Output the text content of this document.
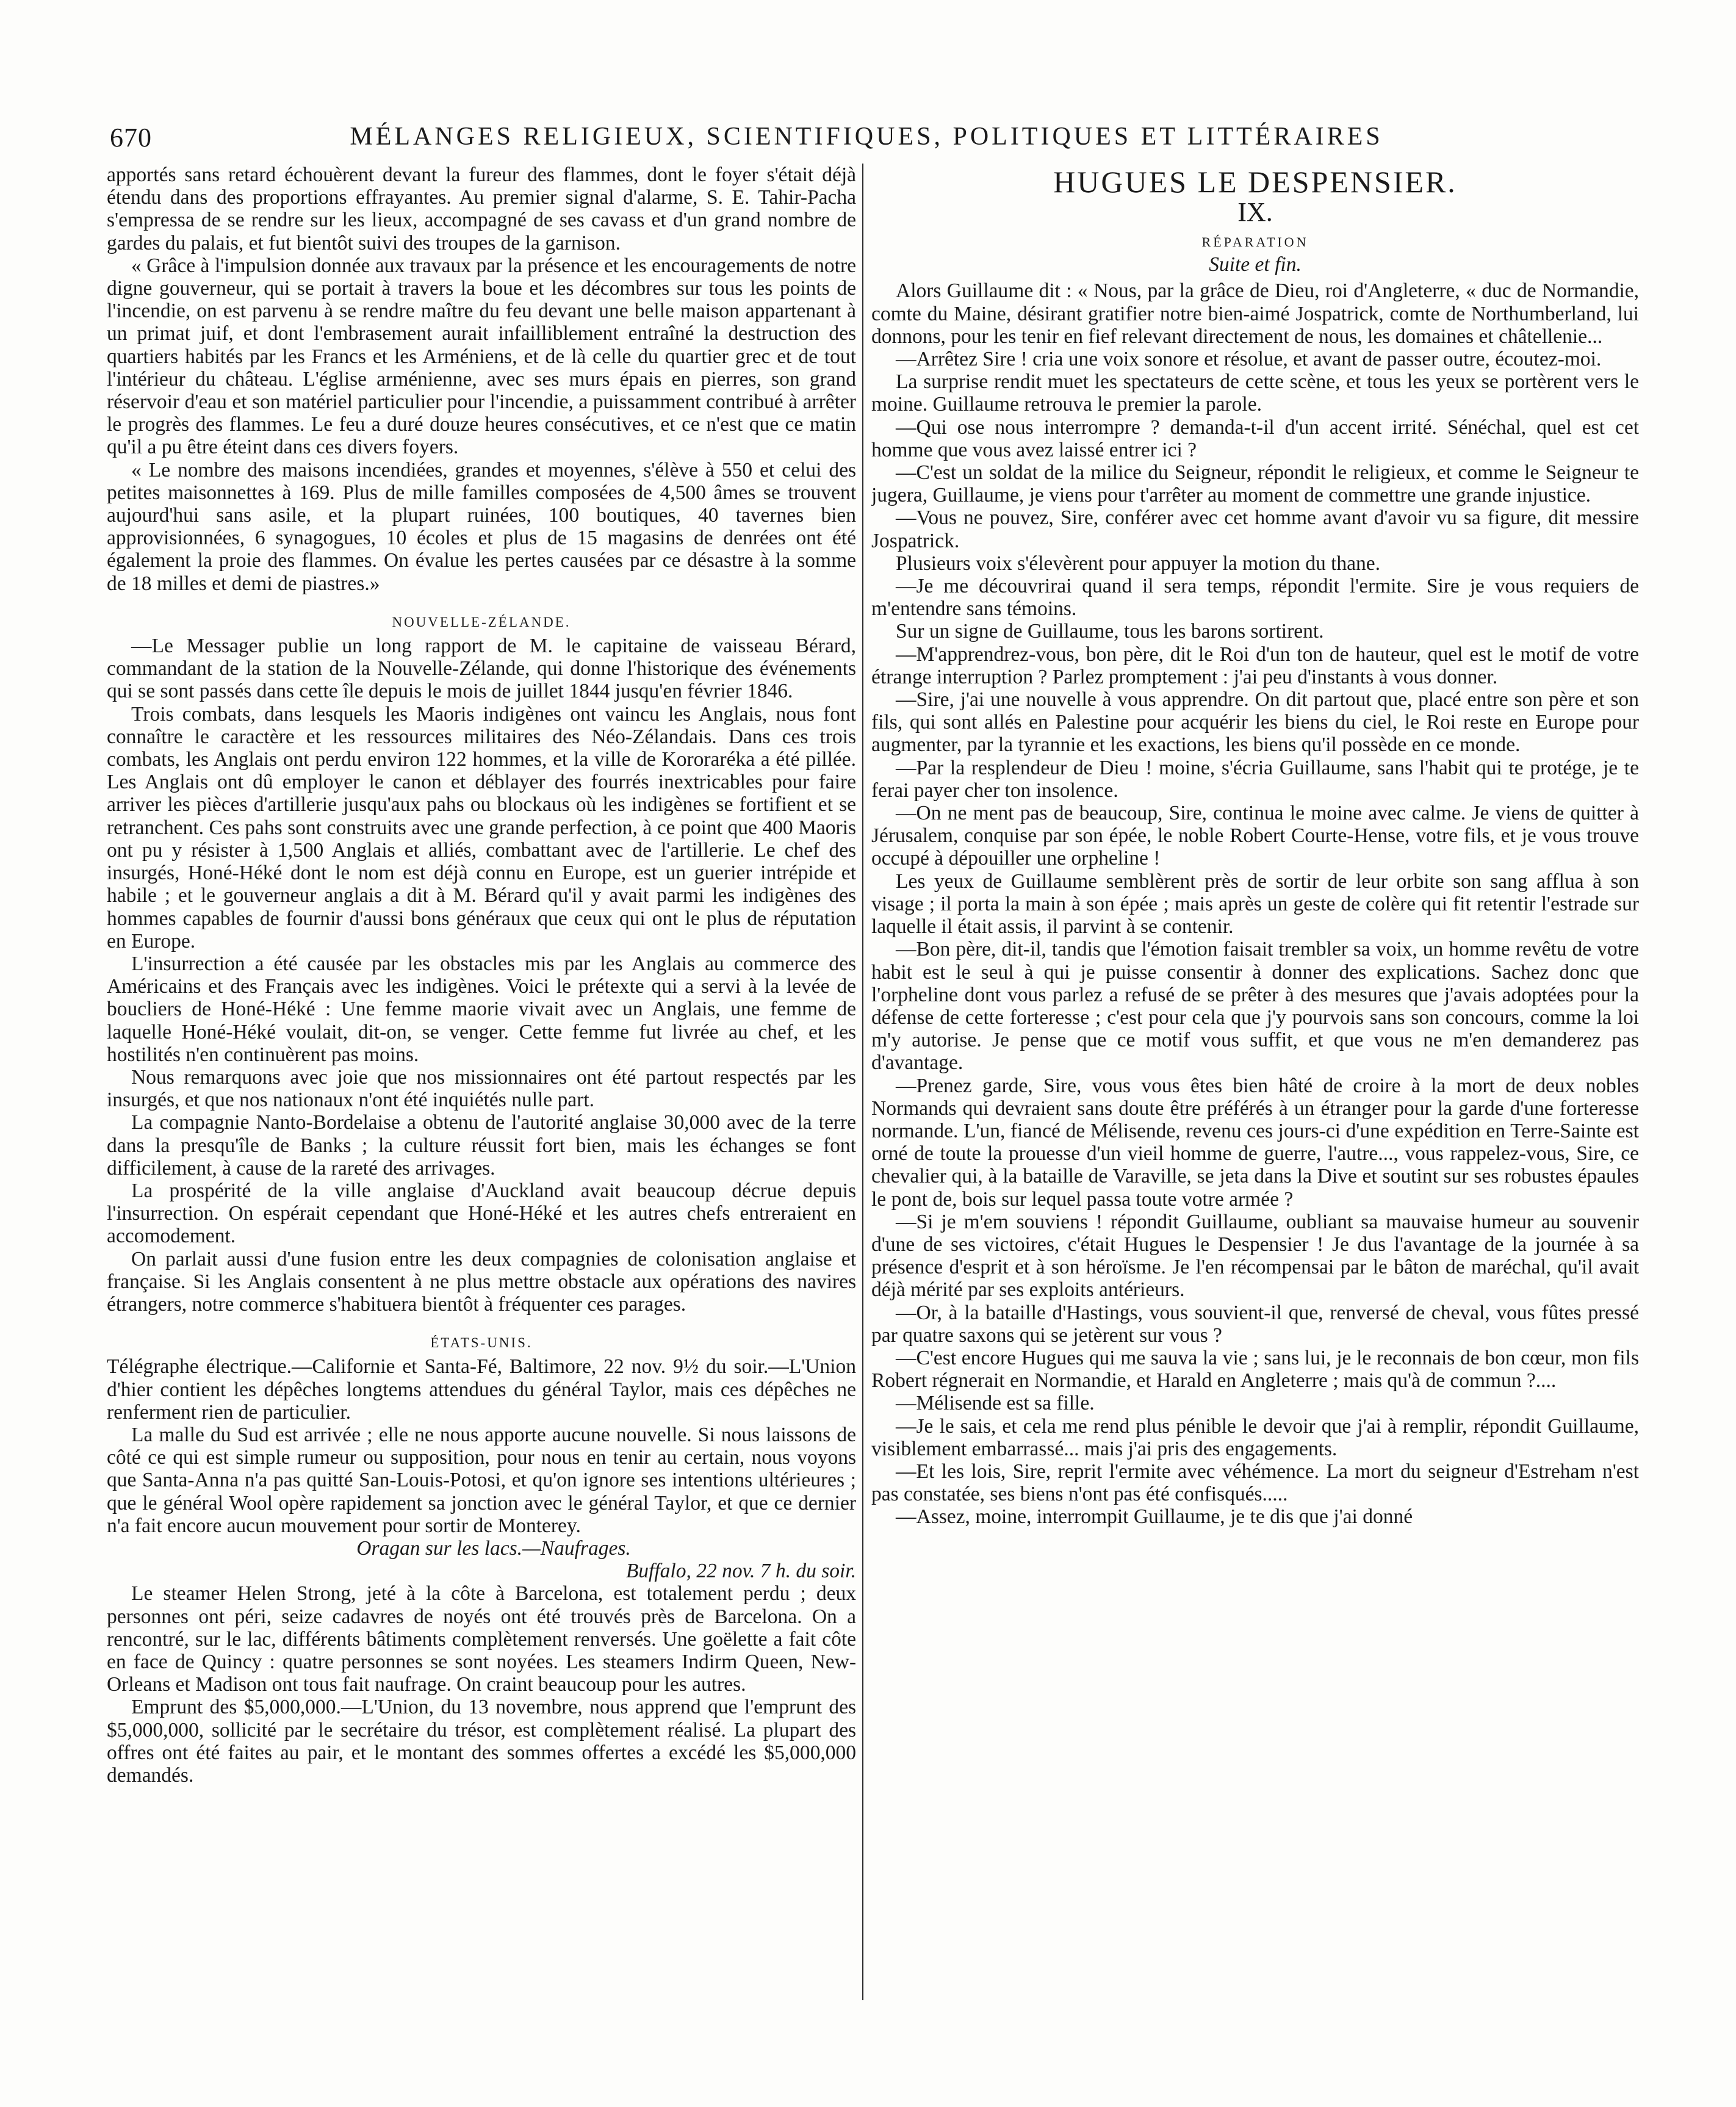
670	MÉLANGES RELIGIEUX, SCIENTIFIQUES, POLITIQUES ET LITTÉRAIRES

apportés sans retard échouèrent devant la fureur des flammes, dont le foyer s'était déjà étendu dans des proportions effrayantes. Au premier signal d'alarme, S. E. Tahir-Pacha s'empressa de se rendre sur les lieux, accompagné de ses cavass et d'un grand nombre de gardes du palais, et fut bientôt suivi des troupes de la garnison.

« Grâce à l'impulsion donnée aux travaux par la présence et les encouragements de notre digne gouverneur, qui se portait à travers la boue et les décombres sur tous les points de l'incendie, on est parvenu à se rendre maître du feu devant une belle maison appartenant à un primat juif, et dont l'embrasement aurait infailliblement entraîné la destruction des quartiers habités par les Francs et les Arméniens, et de là celle du quartier grec et de tout l'intérieur du château. L'église arménienne, avec ses murs épais en pierres, son grand réservoir d'eau et son matériel particulier pour l'incendie, a puissamment contribué à arrêter le progrès des flammes. Le feu a duré douze heures consécutives, et ce n'est que ce matin qu'il a pu être éteint dans ces divers foyers.

« Le nombre des maisons incendiées, grandes et moyennes, s'élève à 550 et celui des petites maisonnettes à 169. Plus de mille familles composées de 4,500 âmes se trouvent aujourd'hui sans asile, et la plupart ruinées, 100 boutiques, 40 tavernes bien approvisionnées, 6 synagogues, 10 écoles et plus de 15 magasins de denrées ont été également la proie des flammes. On évalue les pertes causées par ce désastre à la somme de 18 milles et demi de piastres.»

NOUVELLE-ZÉLANDE.

—Le Messager publie un long rapport de M. le capitaine de vaisseau Bérard, commandant de la station de la Nouvelle-Zélande, qui donne l'historique des événements qui se sont passés dans cette île depuis le mois de juillet 1844 jusqu'en février 1846.

Trois combats, dans lesquels les Maoris indigènes ont vaincu les Anglais, nous font connaître le caractère et les ressources militaires des Néo-Zélandais. Dans ces trois combats, les Anglais ont perdu environ 122 hommes, et la ville de Kororaréka a été pillée. Les Anglais ont dû employer le canon et déblayer des fourrés inextricables pour faire arriver les pièces d'artillerie jusqu'aux pahs ou blockaus où les indigènes se fortifient et se retranchent. Ces pahs sont construits avec une grande perfection, à ce point que 400 Maoris ont pu y résister à 1,500 Anglais et alliés, combattant avec de l'artillerie. Le chef des insurgés, Honé-Héké dont le nom est déjà connu en Europe, est un guerier intrépide et habile ; et le gouverneur anglais a dit à M. Bérard qu'il y avait parmi les indigènes des hommes capables de fournir d'aussi bons généraux que ceux qui ont le plus de réputation en Europe.

L'insurrection a été causée par les obstacles mis par les Anglais au commerce des Américains et des Français avec les indigènes. Voici le prétexte qui a servi à la levée de boucliers de Honé-Héké : Une femme maorie vivait avec un Anglais, une femme de laquelle Honé-Héké voulait, dit-on, se venger. Cette femme fut livrée au chef, et les hostilités n'en continuèrent pas moins.

Nous remarquons avec joie que nos missionnaires ont été partout respectés par les insurgés, et que nos nationaux n'ont été inquiétés nulle part.

La compagnie Nanto-Bordelaise a obtenu de l'autorité anglaise 30,000 avec de la terre dans la presqu'île de Banks ; la culture réussit fort bien, mais les échanges se font difficilement, à cause de la rareté des arrivages.

La prospérité de la ville anglaise d'Auckland avait beaucoup décrue depuis l'insurrection. On espérait cependant que Honé-Héké et les autres chefs entreraient en accomodement.

On parlait aussi d'une fusion entre les deux compagnies de colonisation anglaise et française. Si les Anglais consentent à ne plus mettre obstacle aux opérations des navires étrangers, notre commerce s'habituera bientôt à fréquenter ces parages.

ÉTATS-UNIS.

Télégraphe électrique.—Californie et Santa-Fé, Baltimore, 22 nov. 9½ du soir.—L'Union d'hier contient les dépêches longtems attendues du général Taylor, mais ces dépêches ne renferment rien de particulier.

La malle du Sud est arrivée ; elle ne nous apporte aucune nouvelle. Si nous laissons de côté ce qui est simple rumeur ou supposition, pour nous en tenir au certain, nous voyons que Santa-Anna n'a pas quitté San-Louis-Potosi, et qu'on ignore ses intentions ultérieures ; que le général Wool opère rapidement sa jonction avec le général Taylor, et que ce dernier n'a fait encore aucun mouvement pour sortir de Monterey.

Oragan sur les lacs.—Naufrages.

Buffalo, 22 nov. 7 h. du soir.

Le steamer Helen Strong, jeté à la côte à Barcelona, est totalement perdu ; deux personnes ont péri, seize cadavres de noyés ont été trouvés près de Barcelona. On a rencontré, sur le lac, différents bâtiments complètement renversés. Une goëlette a fait côte en face de Quincy : quatre personnes se sont noyées. Les steamers Indirm Queen, New-Orleans et Madison ont tous fait naufrage. On craint beaucoup pour les autres.

Emprunt des $5,000,000.—L'Union, du 13 novembre, nous apprend que l'emprunt des $5,000,000, sollicité par le secrétaire du trésor, est complètement réalisé. La plupart des offres ont été faites au pair, et le montant des sommes offertes a excédé les $5,000,000 demandés.

HUGUES LE DESPENSIER.
IX.
RÉPARATION
Suite et fin.

Alors Guillaume dit : « Nous, par la grâce de Dieu, roi d'Angleterre, « duc de Normandie, comte du Maine, désirant gratifier notre bien-aimé Jospatrick, comte de Northumberland, lui donnons, pour les tenir en fief relevant directement de nous, les domaines et châtellenie...

—Arrêtez Sire ! cria une voix sonore et résolue, et avant de passer outre, écoutez-moi.

La surprise rendit muet les spectateurs de cette scène, et tous les yeux se portèrent vers le moine. Guillaume retrouva le premier la parole.

—Qui ose nous interrompre ? demanda-t-il d'un accent irrité. Sénéchal, quel est cet homme que vous avez laissé entrer ici ?

—C'est un soldat de la milice du Seigneur, répondit le religieux, et comme le Seigneur te jugera, Guillaume, je viens pour t'arrêter au moment de commettre une grande injustice.

—Vous ne pouvez, Sire, conférer avec cet homme avant d'avoir vu sa figure, dit messire Jospatrick.

Plusieurs voix s'élevèrent pour appuyer la motion du thane.

—Je me découvrirai quand il sera temps, répondit l'ermite. Sire je vous requiers de m'entendre sans témoins.

Sur un signe de Guillaume, tous les barons sortirent.

—M'apprendrez-vous, bon père, dit le Roi d'un ton de hauteur, quel est le motif de votre étrange interruption ? Parlez promptement : j'ai peu d'instants à vous donner.

—Sire, j'ai une nouvelle à vous apprendre. On dit partout que, placé entre son père et son fils, qui sont allés en Palestine pour acquérir les biens du ciel, le Roi reste en Europe pour augmenter, par la tyrannie et les exactions, les biens qu'il possède en ce monde.

—Par la resplendeur de Dieu ! moine, s'écria Guillaume, sans l'habit qui te protége, je te ferai payer cher ton insolence.

—On ne ment pas de beaucoup, Sire, continua le moine avec calme. Je viens de quitter à Jérusalem, conquise par son épée, le noble Robert Courte-Hense, votre fils, et je vous trouve occupé à dépouiller une orpheline !

Les yeux de Guillaume semblèrent près de sortir de leur orbite son sang afflua à son visage ; il porta la main à son épée ; mais après un geste de colère qui fit retentir l'estrade sur laquelle il était assis, il parvint à se contenir.

—Bon père, dit-il, tandis que l'émotion faisait trembler sa voix, un homme revêtu de votre habit est le seul à qui je puisse consentir à donner des explications. Sachez donc que l'orpheline dont vous parlez a refusé de se prêter à des mesures que j'avais adoptées pour la défense de cette forteresse ; c'est pour cela que j'y pourvois sans son concours, comme la loi m'y autorise. Je pense que ce motif vous suffit, et que vous ne m'en demanderez pas d'avantage.

—Prenez garde, Sire, vous vous êtes bien hâté de croire à la mort de deux nobles Normands qui devraient sans doute être préférés à un étranger pour la garde d'une forteresse normande. L'un, fiancé de Mélisende, revenu ces jours-ci d'une expédition en Terre-Sainte est orné de toute la prouesse d'un vieil homme de guerre, l'autre..., vous rappelez-vous, Sire, ce chevalier qui, à la bataille de Varaville, se jeta dans la Dive et soutint sur ses robustes épaules le pont de, bois sur lequel passa toute votre armée ?

—Si je m'em souviens ! répondit Guillaume, oubliant sa mauvaise humeur au souvenir d'une de ses victoires, c'était Hugues le Despensier ! Je dus l'avantage de la journée à sa présence d'esprit et à son héroïsme. Je l'en récompensai par le bâton de maréchal, qu'il avait déjà mérité par ses exploits antérieurs.

—Or, à la bataille d'Hastings, vous souvient-il que, renversé de cheval, vous fûtes pressé par quatre saxons qui se jetèrent sur vous ?

—C'est encore Hugues qui me sauva la vie ; sans lui, je le reconnais de bon cœur, mon fils Robert régnerait en Normandie, et Harald en Angleterre ; mais qu'à de commun ?....

—Mélisende est sa fille.

—Je le sais, et cela me rend plus pénible le devoir que j'ai à remplir, répondit Guillaume, visiblement embarrassé... mais j'ai pris des engagements.

—Et les lois, Sire, reprit l'ermite avec véhémence. La mort du seigneur d'Estreham n'est pas constatée, ses biens n'ont pas été confisqués.....

—Assez, moine, interrompit Guillaume, je te dis que j'ai donné
